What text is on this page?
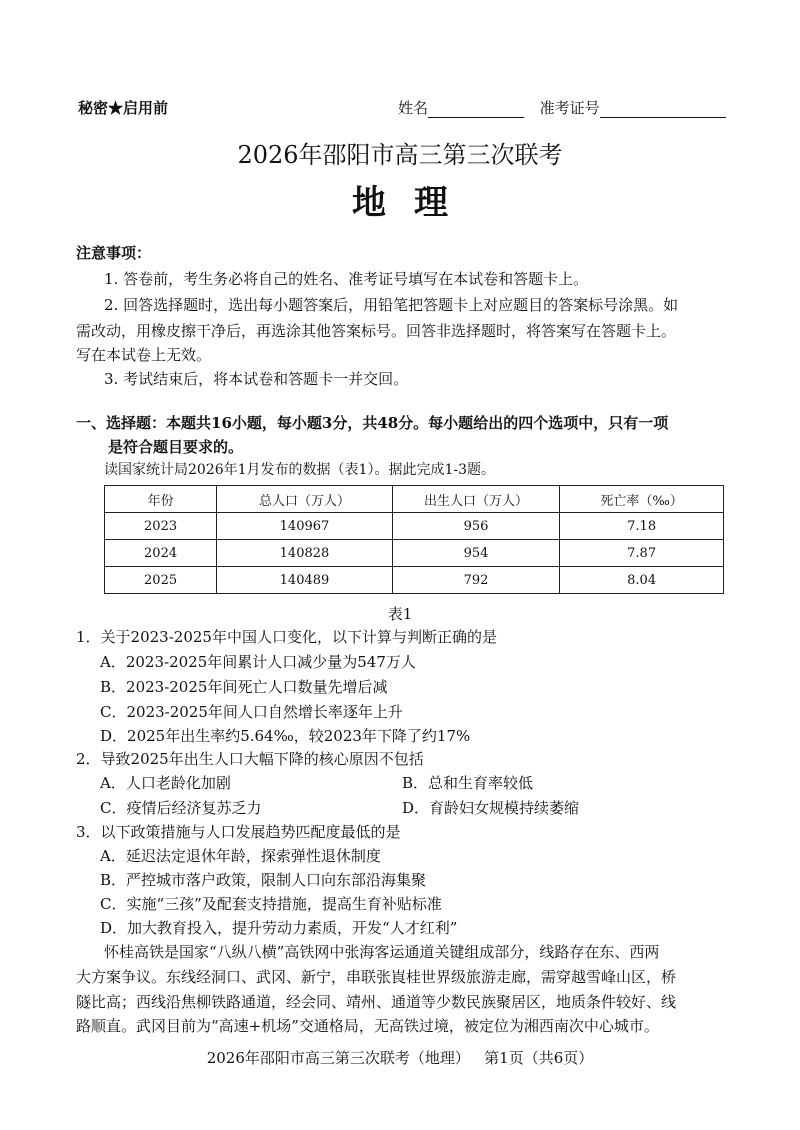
秘密★启用前	姓名	准考证号
2026年邵阳市高三第三次联考
地理
注意事项：
1. 答卷前，考生务必将自己的姓名、准考证号填写在本试卷和答题卡上。
2. 回答选择题时，选出每小题答案后，用铅笔把答题卡上对应题目的答案标号涂黑。如
需改动，用橡皮擦干净后，再选涂其他答案标号。回答非选择题时，将答案写在答题卡上。
写在本试卷上无效。
3. 考试结束后，将本试卷和答题卡一并交回。
一、选择题：本题共16小题，每小题3分，共48分。每小题给出的四个选项中，只有一项
是符合题目要求的。
读国家统计局2026年1月发布的数据（表1）。据此完成1-3题。
年份	总人口（万人）	出生人口（万人）	死亡率（‰）
2023	140967	956	7.18
2024	140828	954	7.87
2025	140489	792	8.04
表1
1．关于2023-2025年中国人口变化，以下计算与判断正确的是
A．2023-2025年间累计人口减少量为547万人
B．2023-2025年间死亡人口数量先增后减
C．2023-2025年间人口自然增长率逐年上升
D．2025年出生率约5.64‰，较2023年下降了约17%
2．导致2025年出生人口大幅下降的核心原因不包括
A．人口老龄化加剧	B．总和生育率较低
C．疫情后经济复苏乏力	D．育龄妇女规模持续萎缩
3．以下政策措施与人口发展趋势匹配度最低的是
A．延迟法定退休年龄，探索弹性退休制度
B．严控城市落户政策，限制人口向东部沿海集聚
C．实施“三孩”及配套支持措施，提高生育补贴标准
D．加大教育投入，提升劳动力素质，开发“人才红利”
怀桂高铁是国家“八纵八横”高铁网中张海客运通道关键组成部分，线路存在东、西两
大方案争议。东线经洞口、武冈、新宁，串联张崀桂世界级旅游走廊，需穿越雪峰山区，桥
隧比高；西线沿焦柳铁路通道，经会同、靖州、通道等少数民族聚居区，地质条件较好、线
路顺直。武冈目前为“高速+机场”交通格局，无高铁过境，被定位为湘西南次中心城市。
2026年邵阳市高三第三次联考（地理）   第1页（共6页）
